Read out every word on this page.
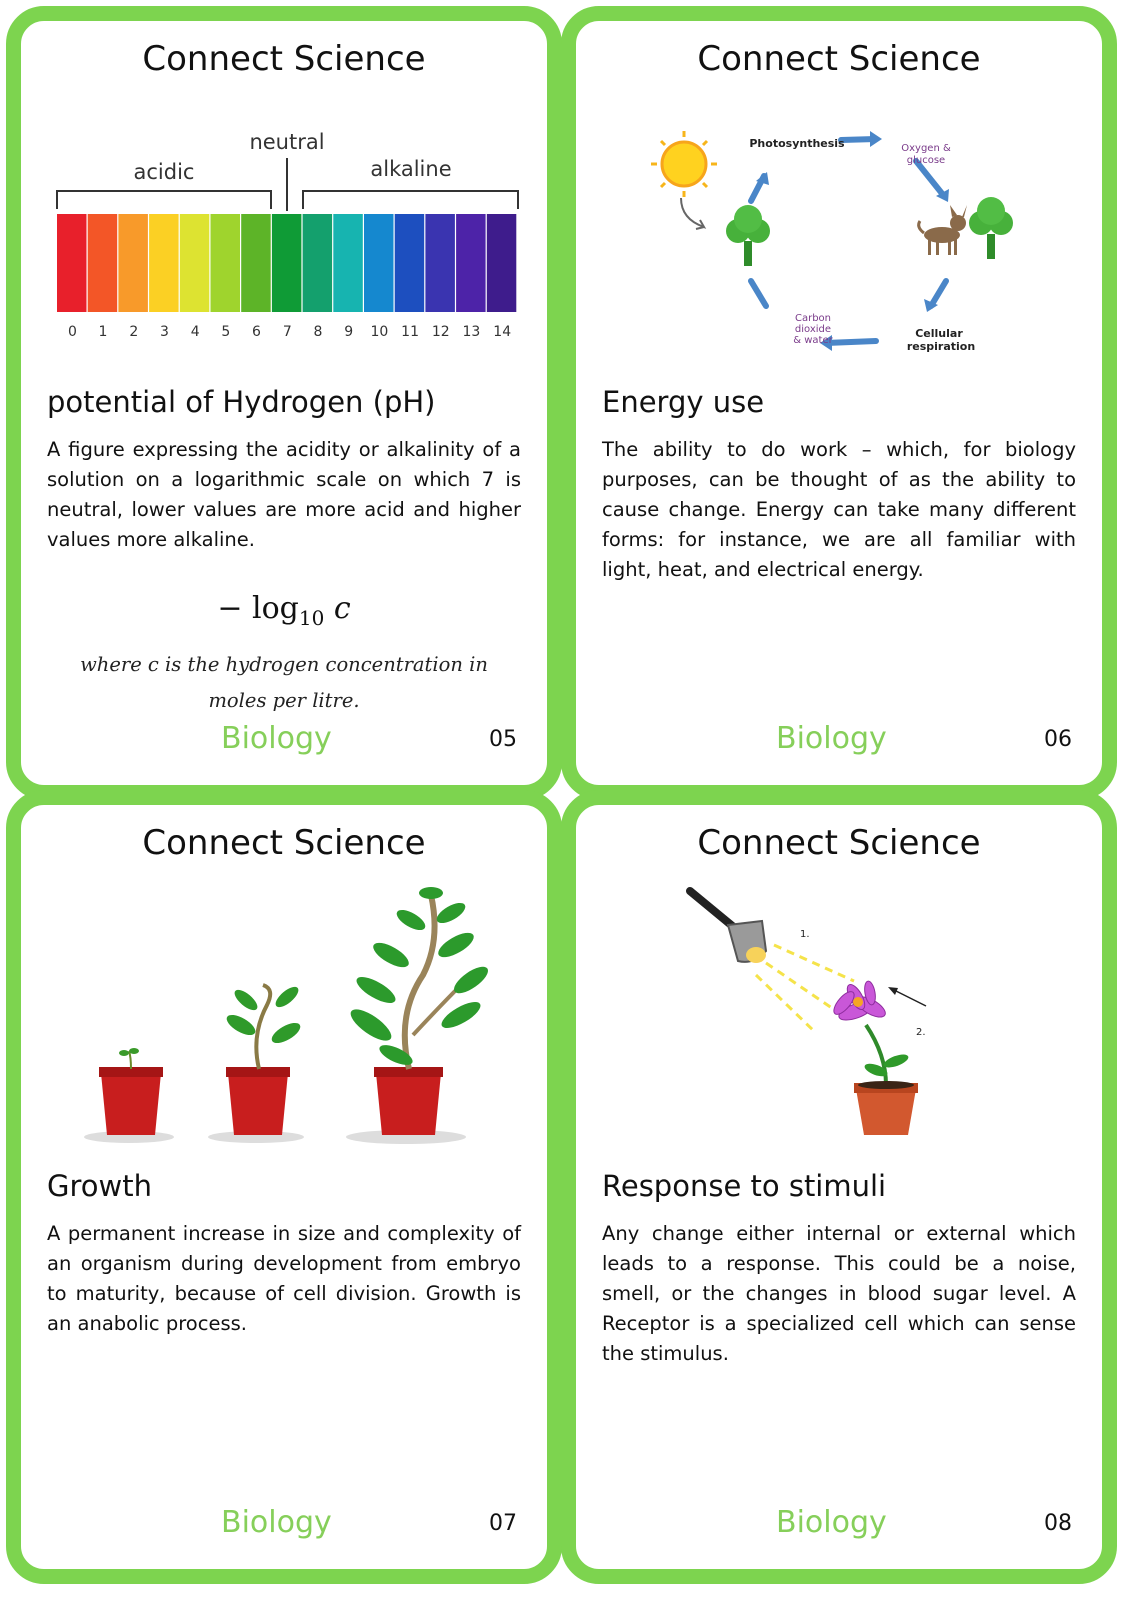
Connect Science
neutral
acidic	alkaline
0 1 2 3 4 5 6 7 8 9 10 11 12 13 14
potential of Hydrogen (pH)
A figure expressing the acidity or alkalinity of a solution on a logarithmic scale on which 7 is neutral, lower values are more acid and higher values more alkaline.
− $\log_{10} c$
where c is the hydrogen concentration in moles per litre.
Biology	05
Connect Science
Photosynthesis	Oxygen &
glucose
Cellular
respiration
Carbon
dioxide
& water
Energy use
The ability to do work – which, for biology purposes, can be thought of as the ability to cause change. Energy can take many different forms: for instance, we are all familiar with light, heat, and electrical energy.
Biology	06
Connect Science
Growth
A permanent increase in size and complexity of an organism during development from embryo to maturity, because of cell division. Growth is an anabolic process.
Biology	07
Connect Science
1.
2.
Response to stimuli
Any change either internal or external which leads to a response. This could be a noise, smell, or the changes in blood sugar level. A Receptor is a specialized cell which can sense the stimulus.
Biology	08
